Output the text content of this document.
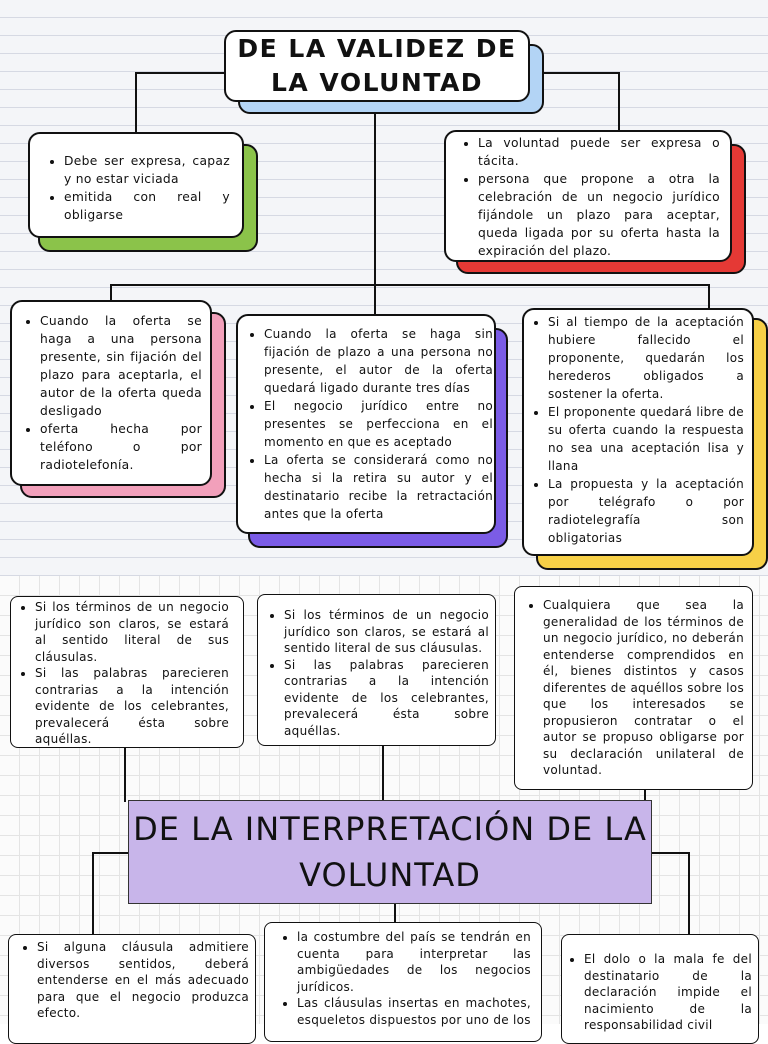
DE LA VALIDEZ DE LA VOLUNTAD
• Debe ser expresa, capaz y no estar viciada
• emitida con real y obligarse
• La voluntad puede ser expresa o tácita.
• persona que propone a otra la celebración de un negocio jurídico fijándole un plazo para aceptar, queda ligada por su oferta hasta la expiración del plazo.
• Cuando la oferta se haga a una persona presente, sin fijación del plazo para aceptarla, el autor de la oferta queda desligado
• oferta hecha por teléfono o por radiotelefonía.
• Cuando la oferta se haga sin fijación de plazo a una persona no presente, el autor de la oferta quedará ligado durante tres días
• El negocio jurídico entre no presentes se perfecciona en el momento en que es aceptado
• La oferta se considerará como no hecha si la retira su autor y el destinatario recibe la retractación antes que la oferta
• Si al tiempo de la aceptación hubiere fallecido el proponente, quedarán los herederos obligados a sostener la oferta.
• El proponente quedará libre de su oferta cuando la respuesta no sea una aceptación lisa y llana
• La propuesta y la aceptación por telégrafo o por radiotelegrafía son obligatorias
• Si los términos de un negocio jurídico son claros, se estará al sentido literal de sus cláusulas.
• Si las palabras parecieren contrarias a la intención evidente de los celebrantes, prevalecerá ésta sobre aquéllas.
• Si los términos de un negocio jurídico son claros, se estará al sentido literal de sus cláusulas.
• Si las palabras parecieren contrarias a la intención evidente de los celebrantes, prevalecerá ésta sobre aquéllas.
• Cualquiera que sea la generalidad de los términos de un negocio jurídico, no deberán entenderse comprendidos en él, bienes distintos y casos diferentes de aquéllos sobre los que los interesados se propusieron contratar o el autor se propuso obligarse por su declaración unilateral de voluntad.
DE LA INTERPRETACIÓN DE LA VOLUNTAD
• Si alguna cláusula admitiere diversos sentidos, deberá entenderse en el más adecuado para que el negocio produzca efecto.
• la costumbre del país se tendrán en cuenta para interpretar las ambigüedades de los negocios jurídicos.
• Las cláusulas insertas en machotes, esqueletos dispuestos por uno de los
• El dolo o la mala fe del destinatario de la declaración impide el nacimiento de la responsabilidad civil
